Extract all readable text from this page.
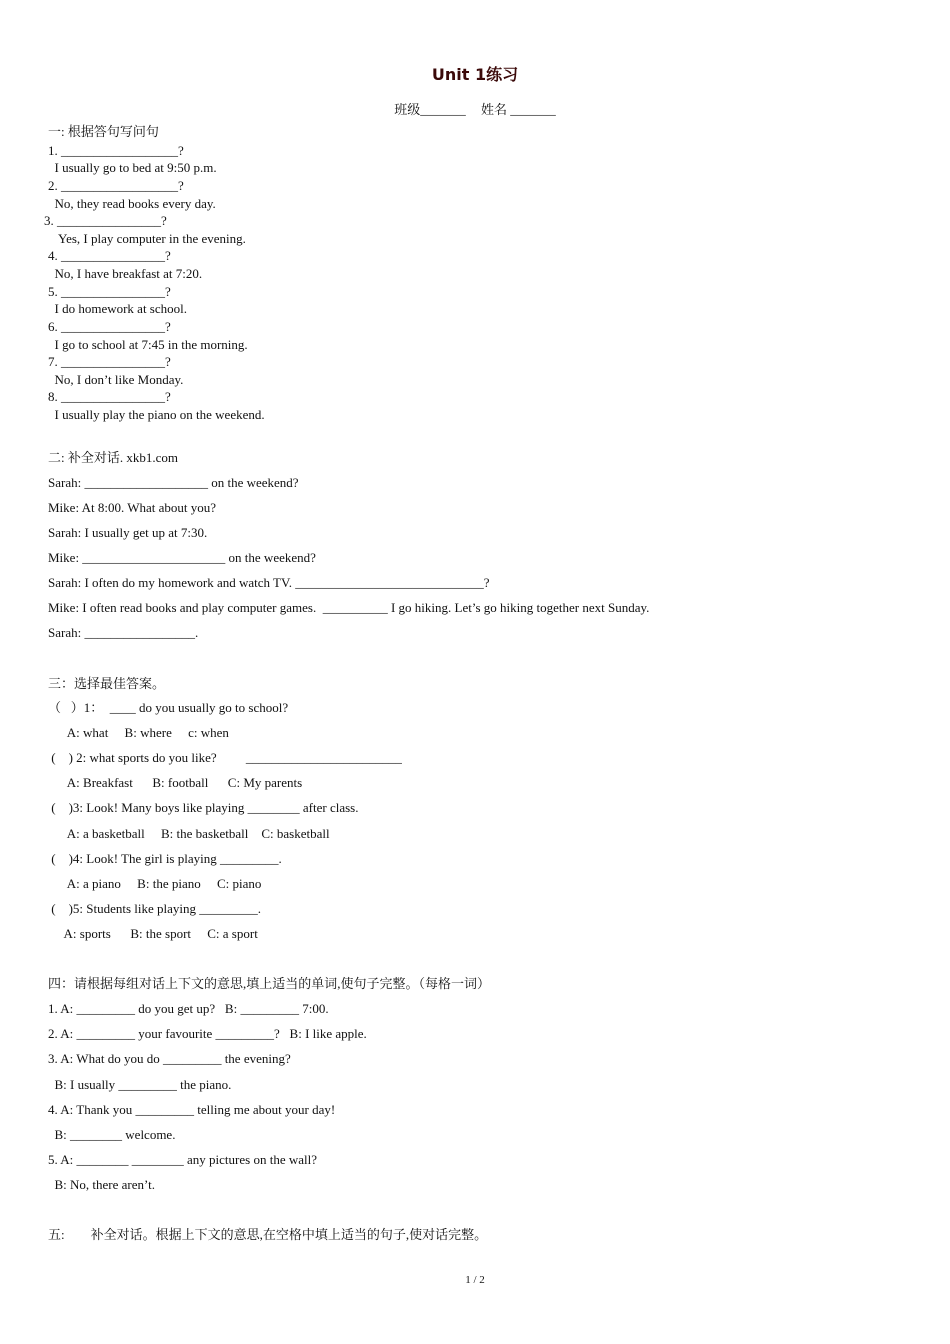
Unit 1练习
班级_______ 姓名 _______
一: 根据答句写问句
1. __________________?
I usually go to bed at 9:50 p.m.
2. __________________?
No, they read books every day.
3. ________________?
Yes, I play computer in the evening.
4. ________________?
No, I have breakfast at 7:20.
5. ________________?
I do homework at school.
6. ________________?
I go to school at 7:45 in the morning.
7. ________________?
No, I don’t like Monday.
8. ________________?
I usually play the piano on the weekend.
二: 补全对话. xkb1.com
Sarah: ___________________ on the weekend?
Mike: At 8:00. What about you?
Sarah: I usually get up at 7:30.
Mike: ______________________ on the weekend?
Sarah: I often do my homework and watch TV. _____________________________?
Mike: I often read books and play computer games.  __________ I go hiking. Let’s go hiking together next Sunday.
Sarah: _________________.
三：选择最佳答案。
（   ）1：  ____ do you usually go to school?
A: what     B: where     c: when
(    ) 2: what sports do you like?         ________________________
A: Breakfast      B: football      C: My parents
(    )3: Look! Many boys like playing ________ after class.
A: a basketball     B: the basketball    C: basketball
(    )4: Look! The girl is playing _________.
A: a piano     B: the piano     C: piano
(    )5: Students like playing _________.
A: sports      B: the sport     C: a sport
四：请根据每组对话上下文的意思,填上适当的单词,使句子完整。（每格一词）
1. A: _________ do you get up?   B: _________ 7:00.
2. A: _________ your favourite _________?   B: I like apple.
3. A: What do you do _________ the evening?
B: I usually _________ the piano.
4. A: Thank you _________ telling me about your day!
B: ________ welcome.
5. A: ________ ________ any pictures on the wall?
B: No, there aren’t.
五:        补全对话。根据上下文的意思,在空格中填上适当的句子,使对话完整。
1 / 2
